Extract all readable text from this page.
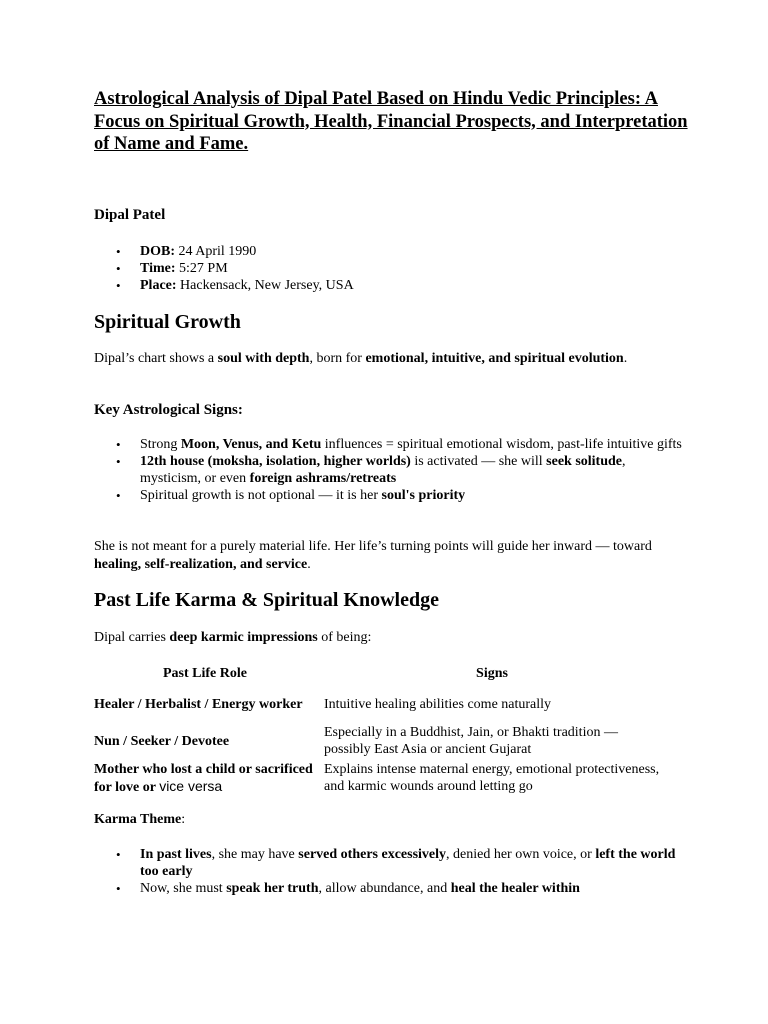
Astrological Analysis of Dipal Patel Based on Hindu Vedic Principles: A Focus on Spiritual Growth, Health, Financial Prospects, and Interpretation of Name and Fame.
Dipal Patel
• DOB: 24 April 1990
• Time: 5:27 PM
• Place: Hackensack, New Jersey, USA
Spiritual Growth

Dipal’s chart shows a soul with depth, born for emotional, intuitive, and spiritual evolution.

Key Astrological Signs:
• Strong Moon, Venus, and Ketu influences = spiritual emotional wisdom, past-life intuitive gifts
• 12th house (moksha, isolation, higher worlds) is activated — she will seek solitude, mysticism, or even foreign ashrams/retreats
• Spiritual growth is not optional — it is her soul's priority

She is not meant for a purely material life. Her life’s turning points will guide her inward — toward healing, self-realization, and service.

Past Life Karma & Spiritual Knowledge

Dipal carries deep karmic impressions of being:

Past Life Role	Signs
Healer / Herbalist / Energy worker	Intuitive healing abilities come naturally
Nun / Seeker / Devotee	Especially in a Buddhist, Jain, or Bhakti tradition — possibly East Asia or ancient Gujarat
Mother who lost a child or sacrificed for love or vice versa	Explains intense maternal energy, emotional protectiveness, and karmic wounds around letting go

Karma Theme:

• In past lives, she may have served others excessively, denied her own voice, or left the world too early
• Now, she must speak her truth, allow abundance, and heal the healer within
